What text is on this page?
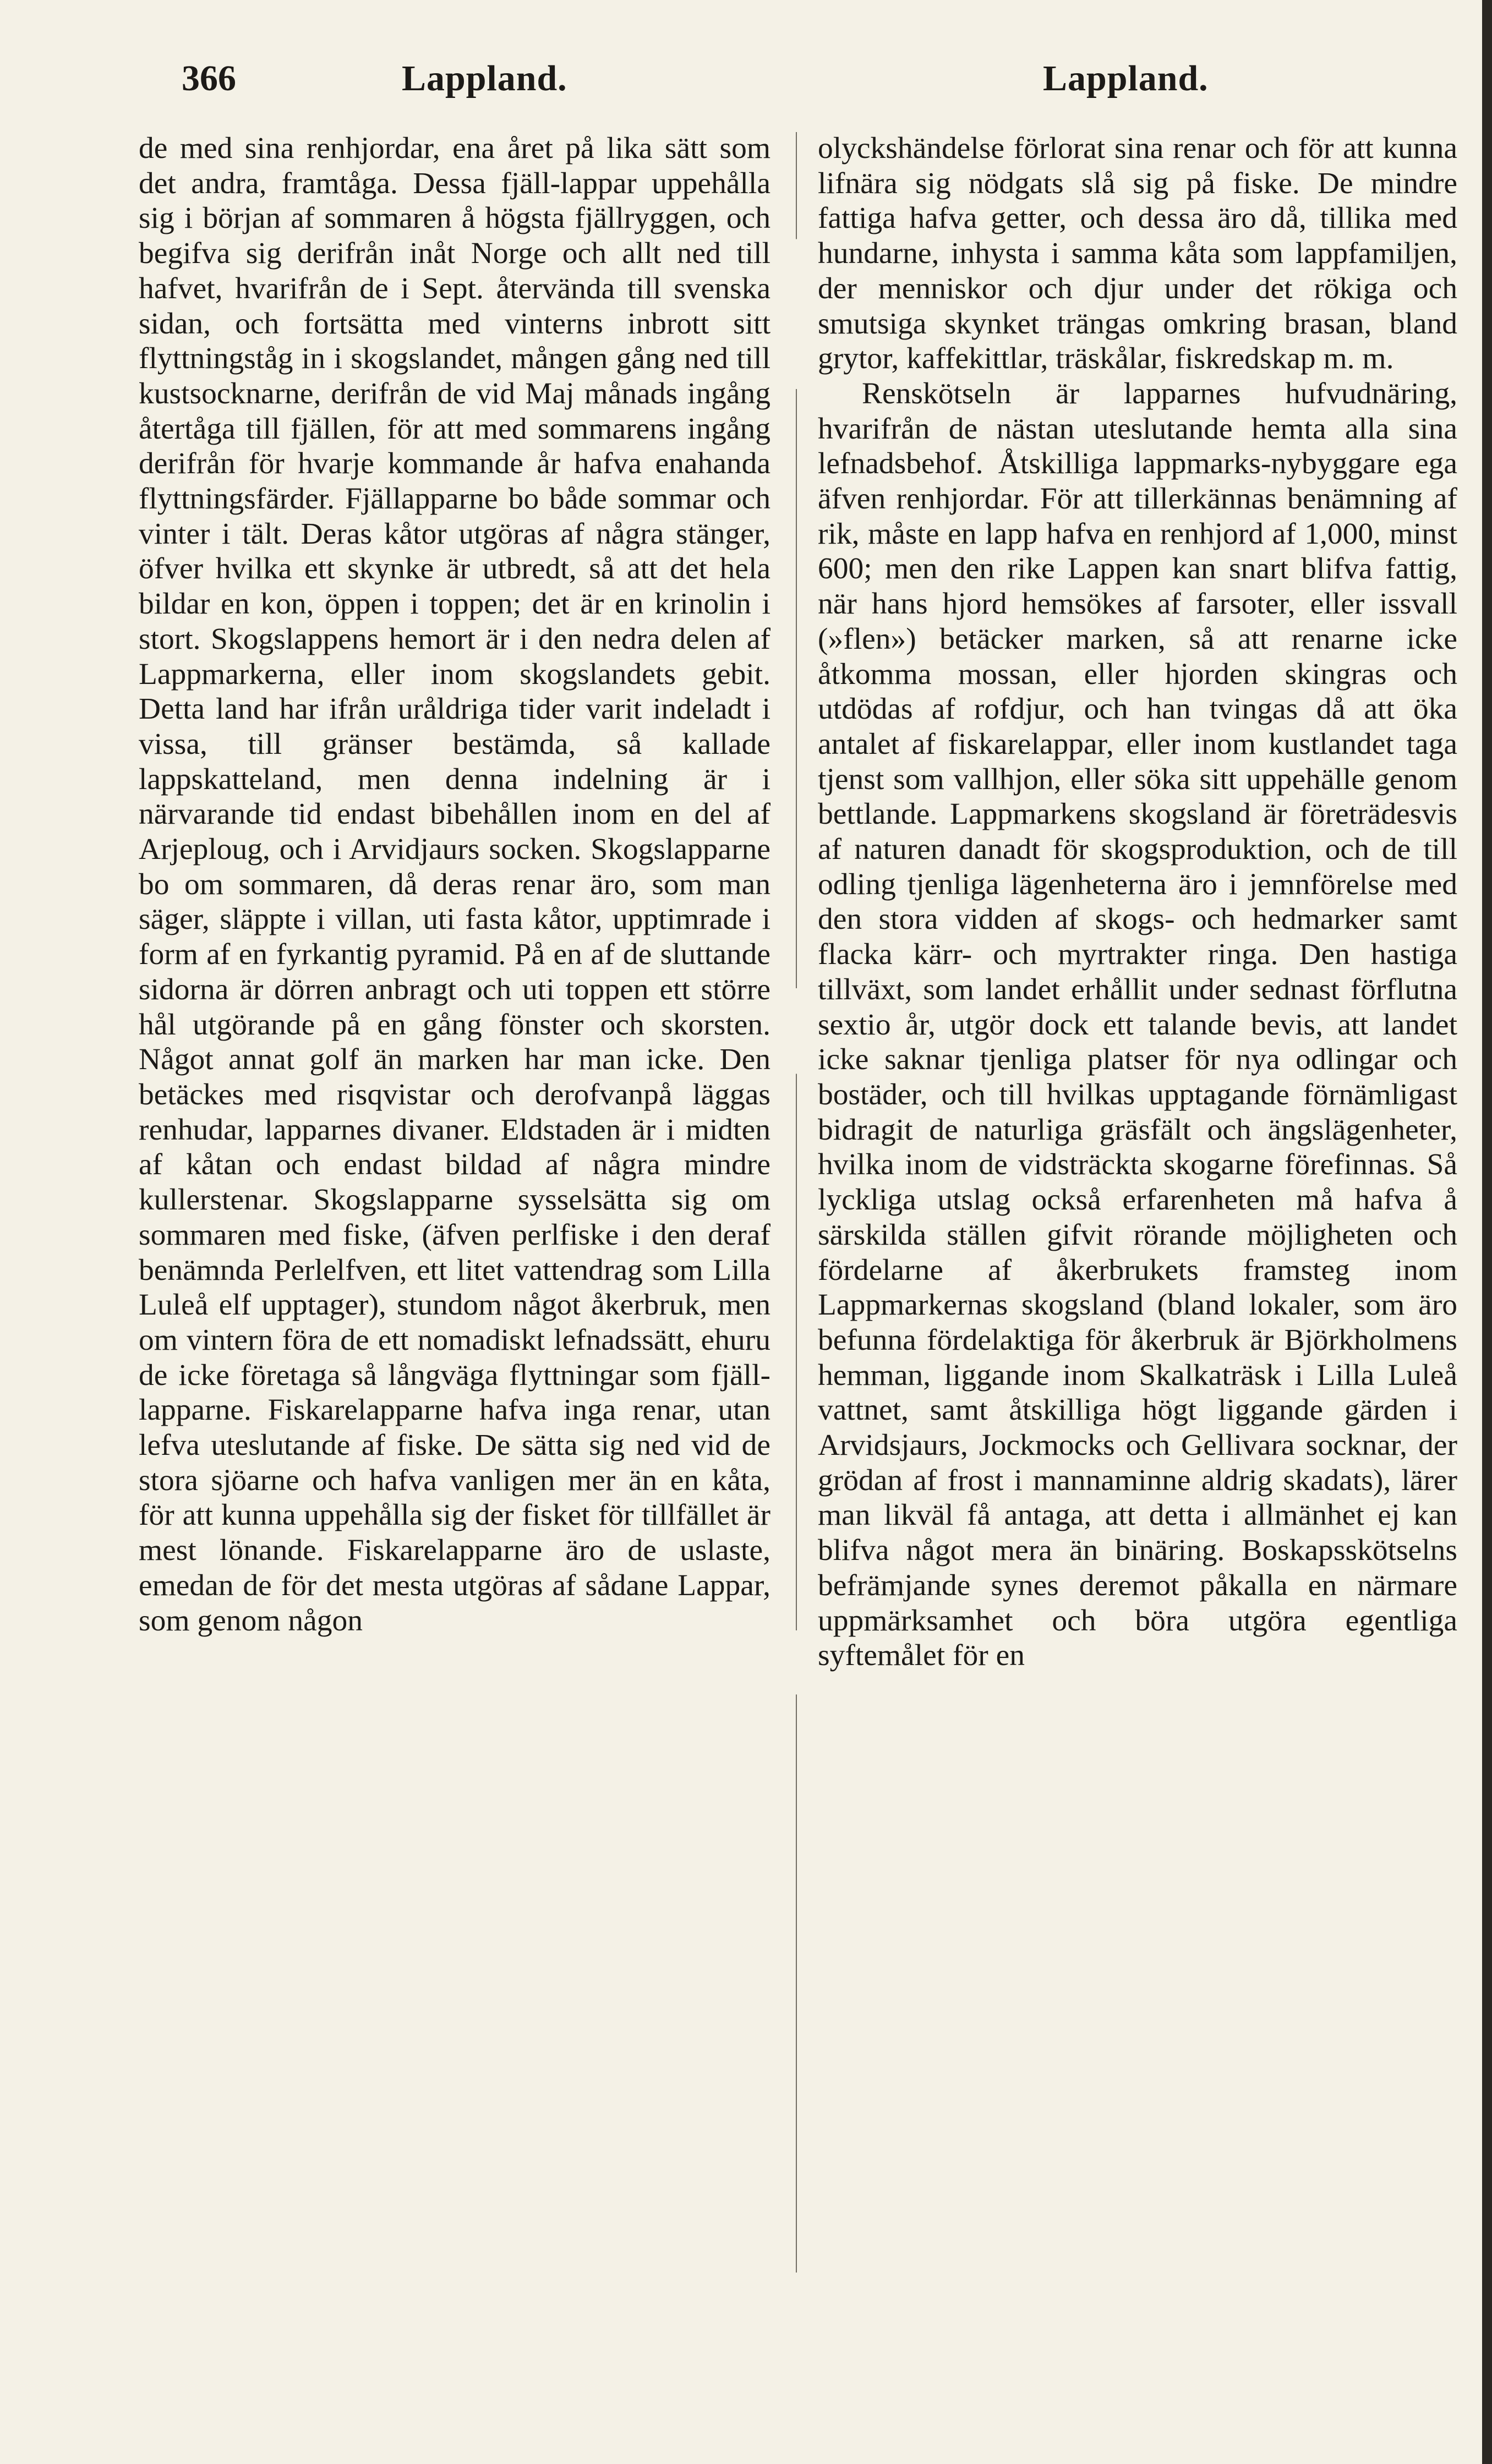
366	Lappland.	Lappland.

de med sina renhjordar, ena året på lika sätt som det andra, framtåga. Dessa fjäll-lappar uppehålla sig i början af sommaren å högsta fjällryggen, och begifva sig derifrån inåt Norge och allt ned till hafvet, hvarifrån de i Sept. återvända till svenska sidan, och fortsätta med vinterns inbrott sitt flyttningståg in i skogslandet, mången gång ned till kustsocknarne, derifrån de vid Maj månads ingång återtåga till fjällen, för att med sommarens ingång derifrån för hvarje kommande år hafva enahanda flyttningsfärder. Fjällapparne bo både sommar och vinter i tält. Deras kåtor utgöras af några stänger, öfver hvilka ett skynke är utbredt, så att det hela bildar en kon, öppen i toppen; det är en krinolin i stort. Skogslappens hemort är i den nedra delen af Lappmarkerna, eller inom skogslandets gebit. Detta land har ifrån uråldriga tider varit indeladt i vissa, till gränser bestämda, så kallade lappskatteland, men denna indelning är i närvarande tid endast bibehållen inom en del af Arjeploug, och i Arvidjaurs socken. Skogslapparne bo om sommaren, då deras renar äro, som man säger, släppte i villan, uti fasta kåtor, upptimrade i form af en fyrkantig pyramid. På en af de sluttande sidorna är dörren anbragt och uti toppen ett större hål utgörande på en gång fönster och skorsten. Något annat golf än marken har man icke. Den betäckes med risqvistar och derofvanpå läggas renhudar, lapparnes divaner. Eldstaden är i midten af kåtan och endast bildad af några mindre kullerstenar. Skogslapparne sysselsätta sig om sommaren med fiske, (äfven perlfiske i den deraf benämnda Perlelfven, ett litet vattendrag som Lilla Luleå elf upptager), stundom något åkerbruk, men om vintern föra de ett nomadiskt lefnadssätt, ehuru de icke företaga så långväga flyttningar som fjäll-lapparne. Fiskarelapparne hafva inga renar, utan lefva uteslutande af fiske. De sätta sig ned vid de stora sjöarne och hafva vanligen mer än en kåta, för att kunna uppehålla sig der fisket för tillfället är mest lönande. Fiskarelapparne äro de uslaste, emedan de för det mesta utgöras af sådane Lappar, som genom någon

olyckshändelse förlorat sina renar och för att kunna lifnära sig nödgats slå sig på fiske. De mindre fattiga hafva getter, och dessa äro då, tillika med hundarne, inhysta i samma kåta som lappfamiljen, der menniskor och djur under det rökiga och smutsiga skynket trängas omkring brasan, bland grytor, kaffekittlar, träskålar, fiskredskap m. m.

Renskötseln är lapparnes hufvudnäring, hvarifrån de nästan uteslutande hemta alla sina lefnadsbehof. Åtskilliga lappmarks-nybyggare ega äfven renhjordar. För att tillerkännas benämning af rik, måste en lapp hafva en renhjord af 1,000, minst 600; men den rike Lappen kan snart blifva fattig, när hans hjord hemsökes af farsoter, eller issvall (»flen») betäcker marken, så att renarne icke åtkomma mossan, eller hjorden skingras och utdödas af rofdjur, och han tvingas då att öka antalet af fiskarelappar, eller inom kustlandet taga tjenst som vallhjon, eller söka sitt uppehälle genom bettlande. Lappmarkens skogsland är företrädesvis af naturen danadt för skogsproduktion, och de till odling tjenliga lägenheterna äro i jemnförelse med den stora vidden af skogs- och hedmarker samt flacka kärr- och myrtrakter ringa. Den hastiga tillväxt, som landet erhållit under sednast förflutna sextio år, utgör dock ett talande bevis, att landet icke saknar tjenliga platser för nya odlingar och bostäder, och till hvilkas upptagande förnämligast bidragit de naturliga gräsfält och ängslägenheter, hvilka inom de vidsträckta skogarne förefinnas. Så lyckliga utslag också erfarenheten må hafva å särskilda ställen gifvit rörande möjligheten och fördelarne af åkerbrukets framsteg inom Lappmarkernas skogsland (bland lokaler, som äro befunna fördelaktiga för åkerbruk är Björkholmens hemman, liggande inom Skalkaträsk i Lilla Luleå vattnet, samt åtskilliga högt liggande gärden i Arvidsjaurs, Jockmocks och Gellivara socknar, der grödan af frost i mannaminne aldrig skadats), lärer man likväl få antaga, att detta i allmänhet ej kan blifva något mera än binäring. Boskapsskötselns befrämjande synes deremot påkalla en närmare uppmärksamhet och böra utgöra egentliga syftemålet för en
